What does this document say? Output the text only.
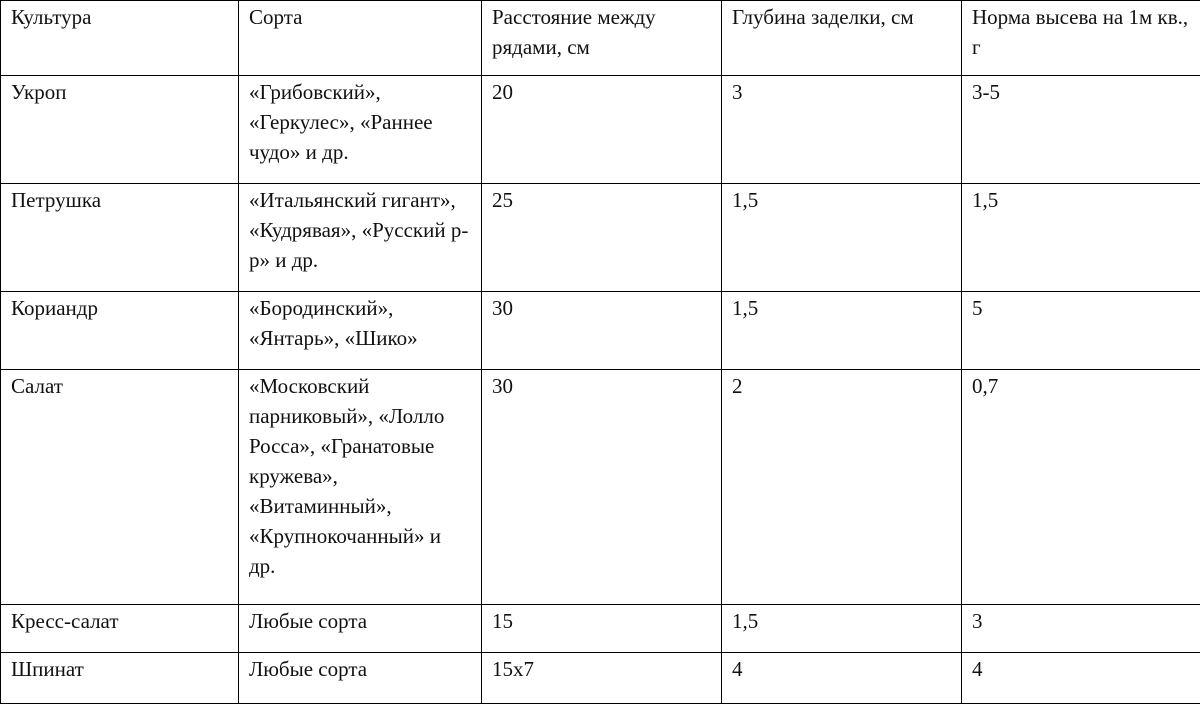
Культура	Сорта	Расстояние между рядами, см	Глубина заделки, см	Норма высева на 1м кв., г
Укроп	«Грибовский», «Геркулес», «Раннее чудо» и др.	20	3	3-5
Петрушка	«Итальянский гигант», «Кудрявая», «Русский р-р» и др.	25	1,5	1,5
Кориандр	«Бородинский», «Янтарь», «Шико»	30	1,5	5
Салат	«Московский парниковый», «Лолло Росса», «Гранатовые кружева», «Витаминный», «Крупнокочанный» и др.	30	2	0,7
Кресс-салат	Любые сорта	15	1,5	3
Шпинат	Любые сорта	15х7	4	4
